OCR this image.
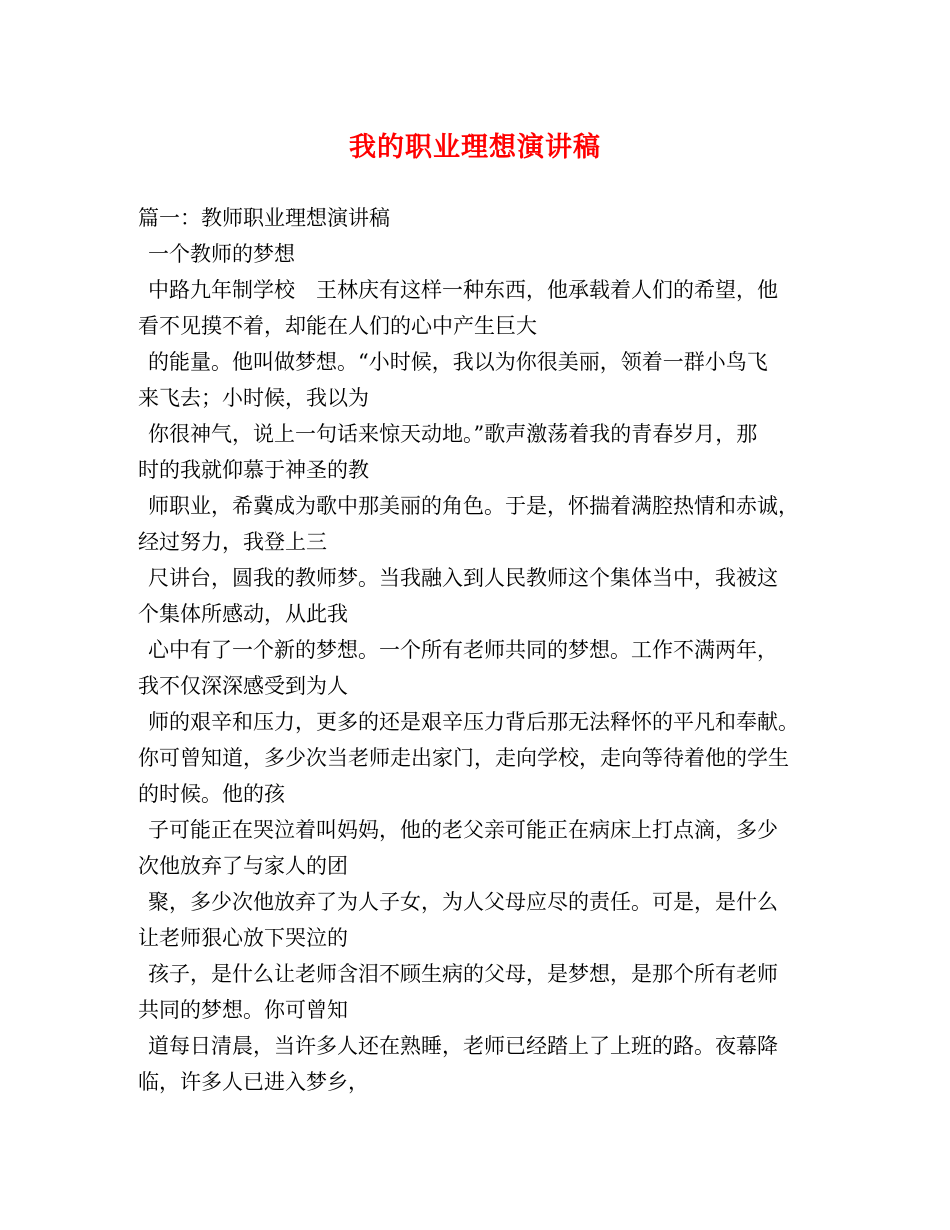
我的职业理想演讲稿
篇一：教师职业理想演讲稿
一个教师的梦想
中路九年制学校　王林庆有这样一种东西，他承载着人们的希望，他
看不见摸不着，却能在人们的心中产生巨大
的能量。他叫做梦想。“小时候，我以为你很美丽，领着一群小鸟飞
来飞去；小时候，我以为
你很神气，说上一句话来惊天动地。”歌声激荡着我的青春岁月，那
时的我就仰慕于神圣的教
师职业，希冀成为歌中那美丽的角色。于是，怀揣着满腔热情和赤诚，
经过努力，我登上三
尺讲台，圆我的教师梦。当我融入到人民教师这个集体当中，我被这
个集体所感动，从此我
心中有了一个新的梦想。一个所有老师共同的梦想。工作不满两年，
我不仅深深感受到为人
师的艰辛和压力，更多的还是艰辛压力背后那无法释怀的平凡和奉献。
你可曾知道，多少次当老师走出家门，走向学校，走向等待着他的学生
的时候。他的孩
子可能正在哭泣着叫妈妈，他的老父亲可能正在病床上打点滴，多少
次他放弃了与家人的团
聚，多少次他放弃了为人子女，为人父母应尽的责任。可是，是什么
让老师狠心放下哭泣的
孩子，是什么让老师含泪不顾生病的父母，是梦想，是那个所有老师
共同的梦想。你可曾知
道每日清晨，当许多人还在熟睡，老师已经踏上了上班的路。夜幕降
临，许多人已进入梦乡，
